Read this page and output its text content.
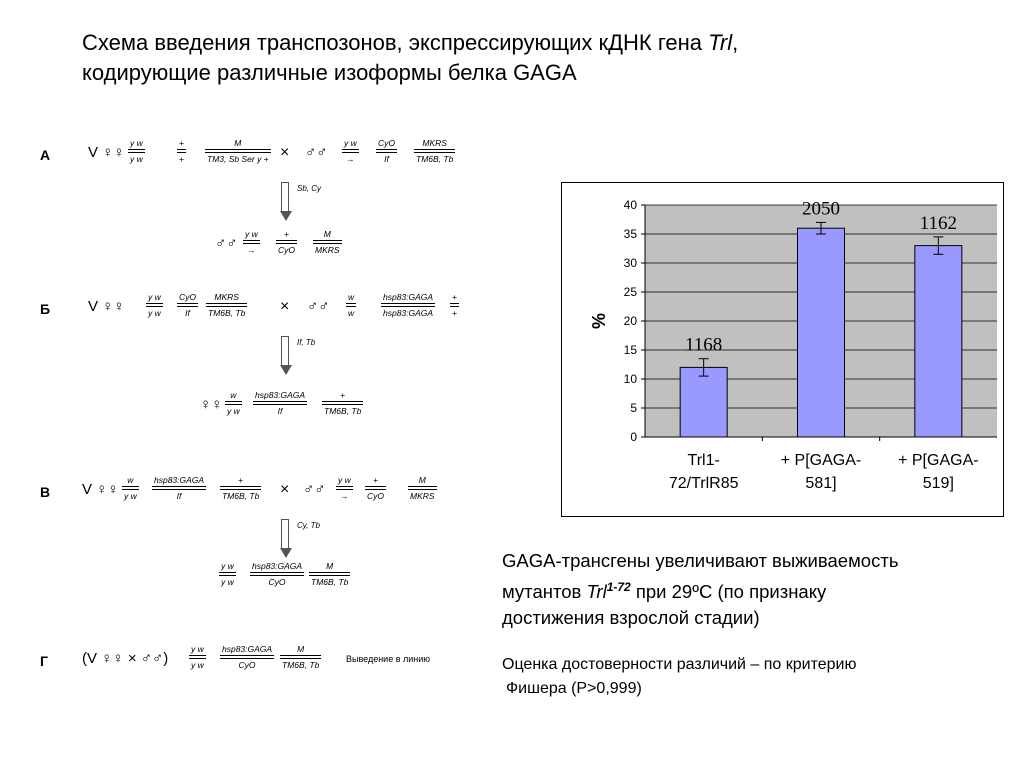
Схема введения транспозонов, экспрессирующих кДНК гена Trl,
кодирующие различные изоформы белка GAGA
А	V ♀♀
y w
y w
+
+
M
TM3, Sb Ser y + × ♂♂
y w
→
CyO
If
MKRS
TM6B, Tb
Sb, Cy
♂♂
y w
→
+
CyO
M
MKRS
Б	V ♀♀
y w
y w
CyO
If
MKRS
TM6B, Tb × ♂♂
w
w
hsp83:GAGA
hsp83:GAGA
+
+
If, Tb
♀♀
w
y w
hsp83:GAGA
If
+
TM6B, Tb
В V ♀♀
w
y w
hsp83:GAGA
If
+
TM6B, Tb × ♂♂
y w
→
+
CyO
M
MKRS
Cy, Tb
y w
y w
hsp83:GAGA
CyO
M
TM6B, Tb
Г (V ♀♀ × ♂♂)
y w
y w
hsp83:GAGA
CyO
M
TM6B, Tb
Выведение в линию
0
5
10
15
20
25
30
35
40
%
1168
Trl1-
72/TrlR85
2050
+ P[GAGA-
581]
1162
+ P[GAGA-
519]
GAGA-трансгены увеличивают выживаемость
мутантов Trl$^{1-72}$ при 29ºС (по признаку
достижения взрослой стадии)
Оценка достоверности различий – по критерию
Фишера (Р>0,999)
